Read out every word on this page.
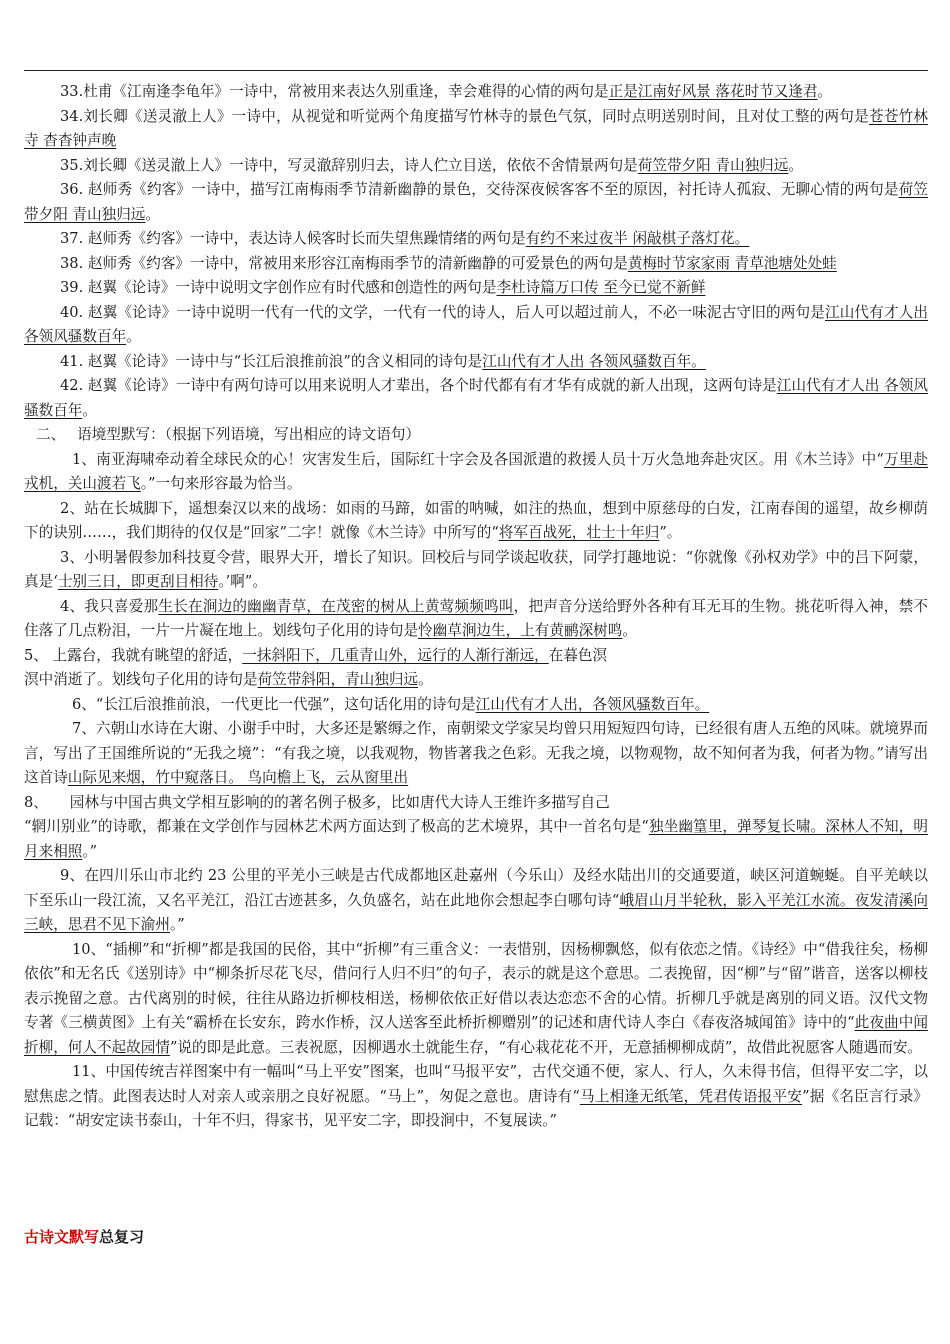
33.杜甫《江南逢李龟年》一诗中，常被用来表达久别重逢，幸会难得的心情的两句是正是江南好风景 落花时节又逢君。

34.刘长卿《送灵澈上人》一诗中，从视觉和听觉两个角度描写竹林寺的景色气氛，同时点明送别时间，且对仗工整的两句是苍苍竹林寺 杳杳钟声晚

35.刘长卿《送灵澈上人》一诗中，写灵澈辞别归去，诗人伫立目送，依依不舍情景两句是荷笠带夕阳 青山独归远。

36. 赵师秀《约客》一诗中，描写江南梅雨季节清新幽静的景色，交待深夜候客客不至的原因，衬托诗人孤寂、无聊心情的两句是荷笠带夕阳 青山独归远。

37. 赵师秀《约客》一诗中，表达诗人候客时长而失望焦躁情绪的两句是有约不来过夜半 闲敲棋子落灯花。

38. 赵师秀《约客》一诗中，常被用来形容江南梅雨季节的清新幽静的可爱景色的两句是黄梅时节家家雨 青草池塘处处蛙

39. 赵翼《论诗》一诗中说明文字创作应有时代感和创造性的两句是李杜诗篇万口传 至今已觉不新鲜

40. 赵翼《论诗》一诗中说明一代有一代的文学，一代有一代的诗人，后人可以超过前人，不必一味泥古守旧的两句是江山代有才人出 各领风骚数百年。

41. 赵翼《论诗》一诗中与“长江后浪推前浪”的含义相同的诗句是江山代有才人出 各领风骚数百年。

42. 赵翼《论诗》一诗中有两句诗可以用来说明人才辈出，各个时代都有有才华有成就的新人出现，这两句诗是江山代有才人出 各领风骚数百年。

二、　 语境型默写：（根据下列语境，写出相应的诗文语句）

1、南亚海啸牵动着全球民众的心！灾害发生后，国际红十字会及各国派遣的救援人员十万火急地奔赴灾区。用《木兰诗》中“万里赴戎机，关山渡若飞。”一句来形容最为恰当。

2、站在长城脚下，遥想秦汉以来的战场：如雨的马蹄，如雷的呐喊，如注的热血，想到中原慈母的白发，江南春闺的遥望，故乡柳荫下的诀别……，我们期待的仅仅是“回家”二字！就像《木兰诗》中所写的“将军百战死，壮士十年归”。

3、小明暑假参加科技夏令营，眼界大开，增长了知识。回校后与同学谈起收获，同学打趣地说：“你就像《孙权劝学》中的吕下阿蒙，真是‘士别三日，即更刮目相待。’啊”。

4、我只喜爱那生长在涧边的幽幽青草，在茂密的树从上黄莺频频鸣叫，把声音分送给野外各种有耳无耳的生物。挑花听得入神，禁不住落了几点粉泪，一片一片凝在地上。划线句子化用的诗句是怜幽草涧边生，上有黄鹂深树鸣。

5、 上露台，我就有眺望的舒适，一抹斜阳下，几重青山外，远行的人渐行渐远，在暮色溟

溟中消逝了。划线句子化用的诗句是荷笠带斜阳，青山独归远。

6、“长江后浪推前浪，一代更比一代强”，这句话化用的诗句是江山代有才人出，各领风骚数百年。

7、六朝山水诗在大谢、小谢手中时，大多还是繁缛之作，南朝梁文学家吴均曾只用短短四句诗，已经很有唐人五绝的风味。就境界而言，写出了王国维所说的“无我之境”：“有我之境，以我观物，物皆著我之色彩。无我之境，以物观物，故不知何者为我，何者为物。”请写出这首诗山际见来烟，竹中窥落日。 鸟向檐上飞，云从窗里出

8、　　园林与中国古典文学相互影响的的著名例子极多，比如唐代大诗人王维许多描写自己

“辋川别业”的诗歌，都兼在文学创作与园林艺术两方面达到了极高的艺术境界，其中一首名句是“独坐幽篁里，弹琴复长啸。深林人不知，明月来相照。”

9、在四川乐山市北约 23 公里的平羌小三峡是古代成都地区赴嘉州（今乐山）及经水陆出川的交通要道，峡区河道蜿蜒。自平羌峡以下至乐山一段江流，又名平羌江，沿江古迹甚多，久负盛名，站在此地你会想起李白哪句诗“峨眉山月半轮秋，影入平羌江水流。夜发清溪向三峡，思君不见下渝州。”

10、“插柳”和“折柳”都是我国的民俗，其中“折柳”有三重含义：一表惜别，因杨柳飘悠，似有依恋之情。《诗经》中“借我往矣，杨柳依依”和无名氏《送别诗》中“柳条折尽花飞尽，借问行人归不归”的句子，表示的就是这个意思。二表挽留，因“柳”与“留”谐音，送客以柳枝表示挽留之意。古代离别的时候，往往从路边折柳枝相送，杨柳依依正好借以表达恋恋不舍的心情。折柳几乎就是离别的同义语。汉代文物专著《三横黄图》上有关“霸桥在长安东，跨水作桥，汉人送客至此桥折柳赠别”的记述和唐代诗人李白《春夜洛城闻笛》诗中的“此夜曲中闻折柳，何人不起故园情”说的即是此意。三表祝愿，因柳遇水土就能生存，“有心栽花花不开，无意插柳柳成荫”，故借此祝愿客人随遇而安。

11、中国传统吉祥图案中有一幅叫“马上平安”图案，也叫“马报平安”，古代交通不便，家人、行人，久未得书信，但得平安二字，以慰焦虑之情。此图表达时人对亲人或亲朋之良好祝愿。“马上”，匆促之意也。唐诗有“马上相逢无纸笔，凭君传语报平安”据《名臣言行录》记载：“胡安定读书泰山，十年不归，得家书，见平安二字，即投涧中，不复展读。”

古诗文默写总复习
